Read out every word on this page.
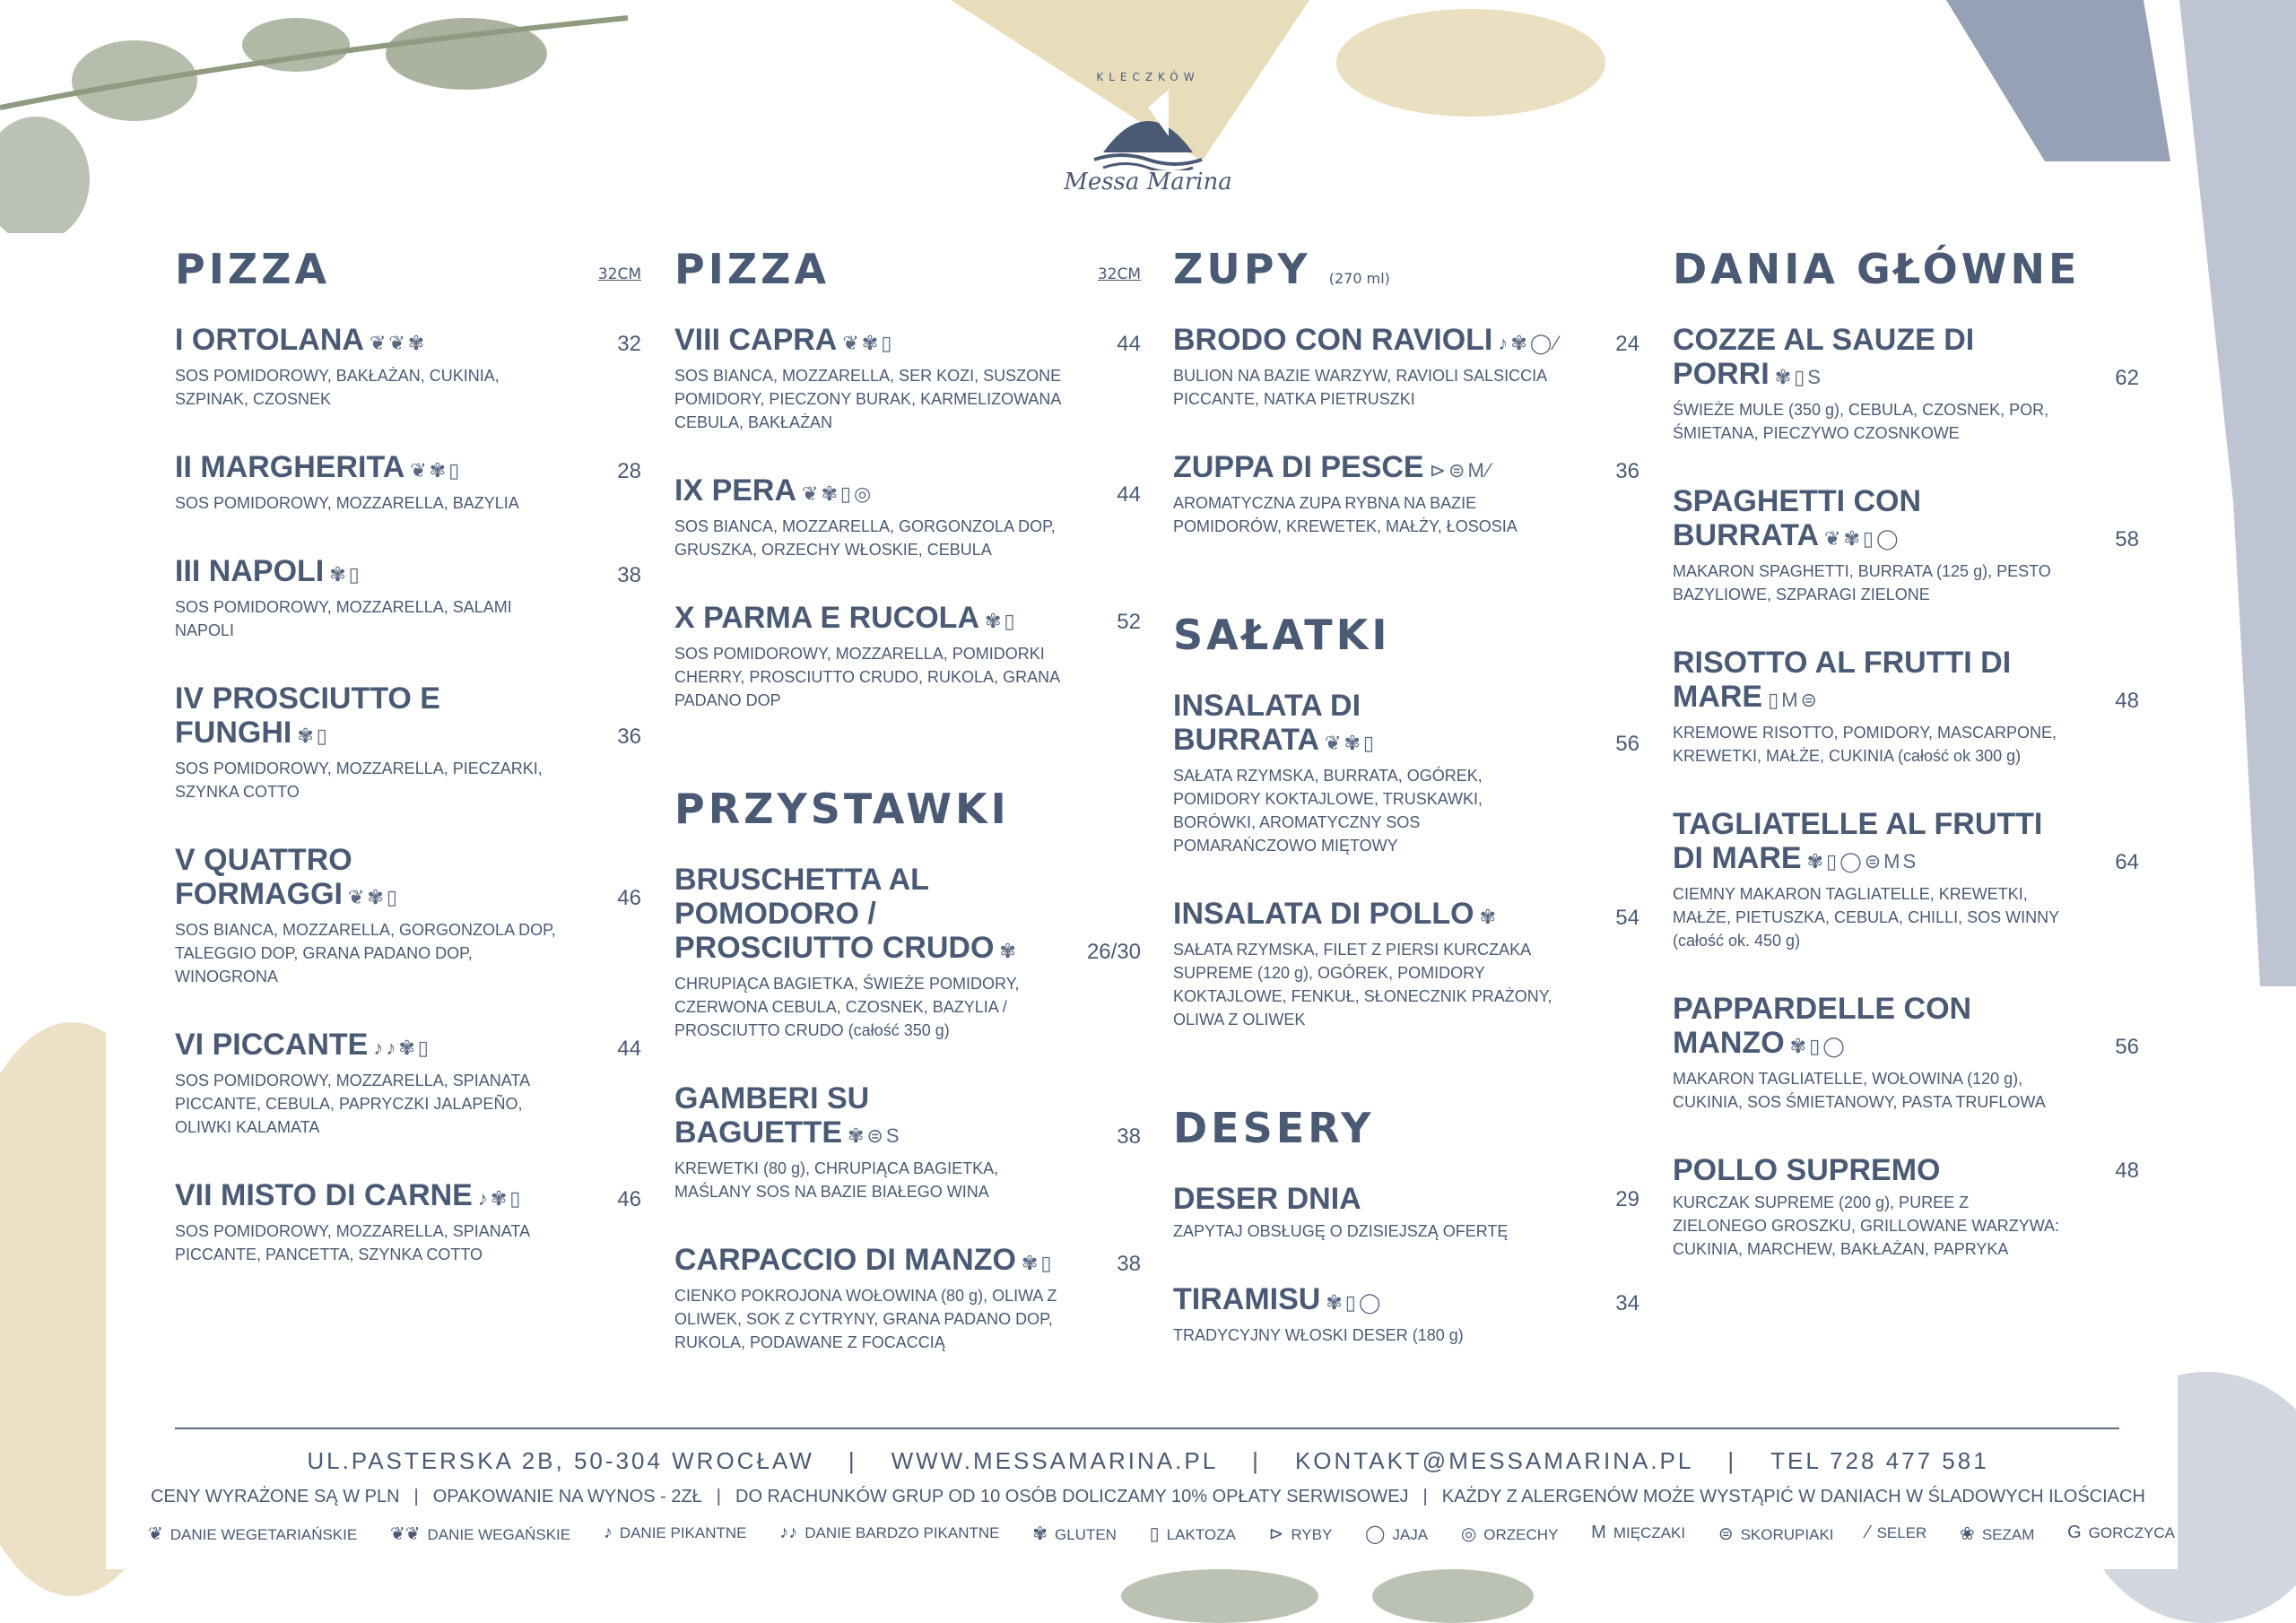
KLECZKÓW
Messa Marina
PIZZA	32CM
I ORTOLANA ❦❦✾	32
SOS POMIDOROWY, BAKŁAŻAN, CUKINIA, SZPINAK, CZOSNEK
II MARGHERITA ❦✾▯	28
SOS POMIDOROWY, MOZZARELLA, BAZYLIA
III NAPOLI ✾▯	38
SOS POMIDOROWY, MOZZARELLA, SALAMI NAPOLI
IV PROSCIUTTO E FUNGHI ✾▯	36
SOS POMIDOROWY, MOZZARELLA, PIECZARKI, SZYNKA COTTO
V QUATTRO FORMAGGI ❦✾▯	46
SOS BIANCA, MOZZARELLA, GORGONZOLA DOP, TALEGGIO DOP, GRANA PADANO DOP, WINOGRONA
VI PICCANTE ♪♪✾▯	44
SOS POMIDOROWY, MOZZARELLA, SPIANATA PICCANTE, CEBULA, PAPRYCZKI JALAPEÑO, OLIWKI KALAMATA
VII MISTO DI CARNE ♪✾▯	46
SOS POMIDOROWY, MOZZARELLA, SPIANATA PICCANTE, PANCETTA, SZYNKA COTTO
PIZZA	32CM
VIII CAPRA ❦✾▯	44
SOS BIANCA, MOZZARELLA, SER KOZI, SUSZONE POMIDORY, PIECZONY BURAK, KARMELIZOWANA CEBULA, BAKŁAŻAN
IX PERA ❦✾▯◎	44
SOS BIANCA, MOZZARELLA, GORGONZOLA DOP, GRUSZKA, ORZECHY WŁOSKIE, CEBULA
X PARMA E RUCOLA ✾▯	52
SOS POMIDOROWY, MOZZARELLA, POMIDORKI CHERRY, PROSCIUTTO CRUDO, RUKOLA, GRANA PADANO DOP
PRZYSTAWKI
BRUSCHETTA AL POMODORO / PROSCIUTTO CRUDO ✾	26/30
CHRUPIĄCA BAGIETKA, ŚWIEŻE POMIDORY, CZERWONA CEBULA, CZOSNEK, BAZYLIA / PROSCIUTTO CRUDO (całość 350 g)
GAMBERI SU BAGUETTE ✾⊜S	38
KREWETKI (80 g), CHRUPIĄCA BAGIETKA, MAŚLANY SOS NA BAZIE BIAŁEGO WINA
CARPACCIO DI MANZO ✾▯	38
CIENKO POKROJONA WOŁOWINA (80 g), OLIWA Z OLIWEK, SOK Z CYTRYNY, GRANA PADANO DOP, RUKOLA, PODAWANE Z FOCACCIĄ
ZUPY (270 ml)
BRODO CON RAVIOLI ♪✾◯⁄	24
BULION NA BAZIE WARZYW, RAVIOLI SALSICCIA PICCANTE, NATKA PIETRUSZKI
ZUPPA DI PESCE ⊳⊜M⁄	36
AROMATYCZNA ZUPA RYBNA NA BAZIE POMIDORÓW, KREWETEK, MAŁŻY, ŁOSOSIA
SAŁATKI
INSALATA DI BURRATA ❦✾▯	56
SAŁATA RZYMSKA, BURRATA, OGÓREK, POMIDORY KOKTAJLOWE, TRUSKAWKI, BORÓWKI, AROMATYCZNY SOS POMARAŃCZOWO MIĘTOWY
INSALATA DI POLLO ✾	54
SAŁATA RZYMSKA, FILET Z PIERSI KURCZAKA SUPREME (120 g), OGÓREK, POMIDORY KOKTAJLOWE, FENKUŁ, SŁONECZNIK PRAŻONY, OLIWA Z OLIWEK
DESERY
DESER DNIA	29
ZAPYTAJ OBSŁUGĘ O DZISIEJSZĄ OFERTĘ
TIRAMISU ✾▯◯	34
TRADYCYJNY WŁOSKI DESER (180 g)
DANIA GŁÓWNE
COZZE AL SAUZE DI PORRI ✾▯S	62
ŚWIEŻE MULE (350 g), CEBULA, CZOSNEK, POR, ŚMIETANA, PIECZYWO CZOSNKOWE
SPAGHETTI CON BURRATA ❦✾▯◯	58
MAKARON SPAGHETTI, BURRATA (125 g), PESTO BAZYLIOWE, SZPARAGI ZIELONE
RISOTTO AL FRUTTI DI MARE ▯M⊜	48
KREMOWE RISOTTO, POMIDORY, MASCARPONE, KREWETKI, MAŁŻE, CUKINIA (całość ok 300 g)
TAGLIATELLE AL FRUTTI DI MARE ✾▯◯⊜MS	64
CIEMNY MAKARON TAGLIATELLE, KREWETKI, MAŁŻE, PIETUSZKA, CEBULA, CHILLI, SOS WINNY (całość ok. 450 g)
PAPPARDELLE CON MANZO ✾▯◯	56
MAKARON TAGLIATELLE, WOŁOWINA (120 g), CUKINIA, SOS ŚMIETANOWY, PASTA TRUFLOWA
POLLO SUPREMO	48
KURCZAK SUPREME (200 g), PUREE Z ZIELONEGO GROSZKU, GRILLOWANE WARZYWA: CUKINIA, MARCHEW, BAKŁAŻAN, PAPRYKA
UL.PASTERSKA 2B, 50-304 WROCŁAW | WWW.MESSAMARINA.PL | KONTAKT@MESSAMARINA.PL | TEL 728 477 581
CENY WYRAŻONE SĄ W PLN | OPAKOWANIE NA WYNOS - 2ZŁ | DO RACHUNKÓW GRUP OD 10 OSÓB DOLICZAMY 10% OPŁATY SERWISOWEJ | KAŻDY Z ALERGENÓW MOŻE WYSTĄPIĆ W DANIACH W ŚLADOWYCH ILOŚCIACH
❦ DANIE WEGETARIAŃSKIE ❦❦ DANIE WEGAŃSKIE ♪ DANIE PIKANTNE ♪♪ DANIE BARDZO PIKANTNE ✾ GLUTEN ▯ LAKTOZA ⊳ RYBY ◯ JAJA ◎ ORZECHY M MIĘCZAKI ⊜ SKORUPIAKI ⁄ SELER ❀ SEZAM G GORCZYCA
